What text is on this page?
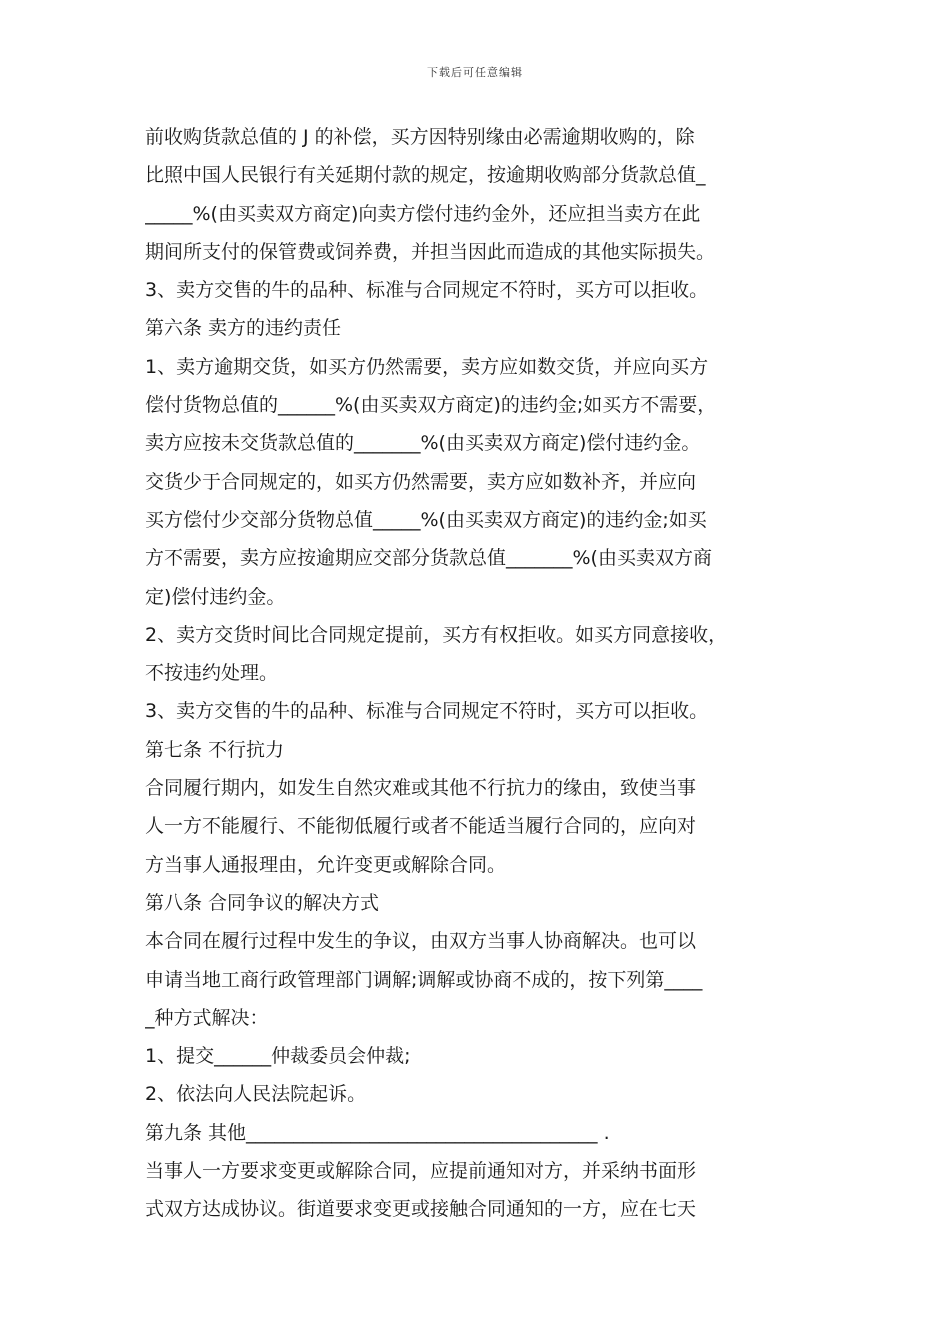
下载后可任意编辑
前收购货款总值的 J 的补偿，买方因特别缘由必需逾期收购的，除
比照中国人民银行有关延期付款的规定，按逾期收购部分货款总值_
_____%(由买卖双方商定)向卖方偿付违约金外，还应担当卖方在此
期间所支付的保管费或饲养费，并担当因此而造成的其他实际损失。
3、卖方交售的牛的品种、标准与合同规定不符时，买方可以拒收。
第六条 卖方的违约责任
1、卖方逾期交货，如买方仍然需要，卖方应如数交货，并应向买方
偿付货物总值的______%(由买卖双方商定)的违约金;如买方不需要，
卖方应按未交货款总值的_______%(由买卖双方商定)偿付违约金。
交货少于合同规定的，如买方仍然需要，卖方应如数补齐，并应向
买方偿付少交部分货物总值_____%(由买卖双方商定)的违约金;如买
方不需要，卖方应按逾期应交部分货款总值_______%(由买卖双方商
定)偿付违约金。
2、卖方交货时间比合同规定提前，买方有权拒收。如买方同意接收，
不按违约处理。
3、卖方交售的牛的品种、标准与合同规定不符时，买方可以拒收。
第七条 不行抗力
合同履行期内，如发生自然灾难或其他不行抗力的缘由，致使当事
人一方不能履行、不能彻低履行或者不能适当履行合同的，应向对
方当事人通报理由，允许变更或解除合同。
第八条 合同争议的解决方式
本合同在履行过程中发生的争议，由双方当事人协商解决。也可以
申请当地工商行政管理部门调解;调解或协商不成的，按下列第____
_种方式解决：
1、提交______仲裁委员会仲裁;
2、依法向人民法院起诉。
第九条 其他_____________________________________ .
当事人一方要求变更或解除合同，应提前通知对方，并采纳书面形
式双方达成协议。街道要求变更或接触合同通知的一方，应在七天
